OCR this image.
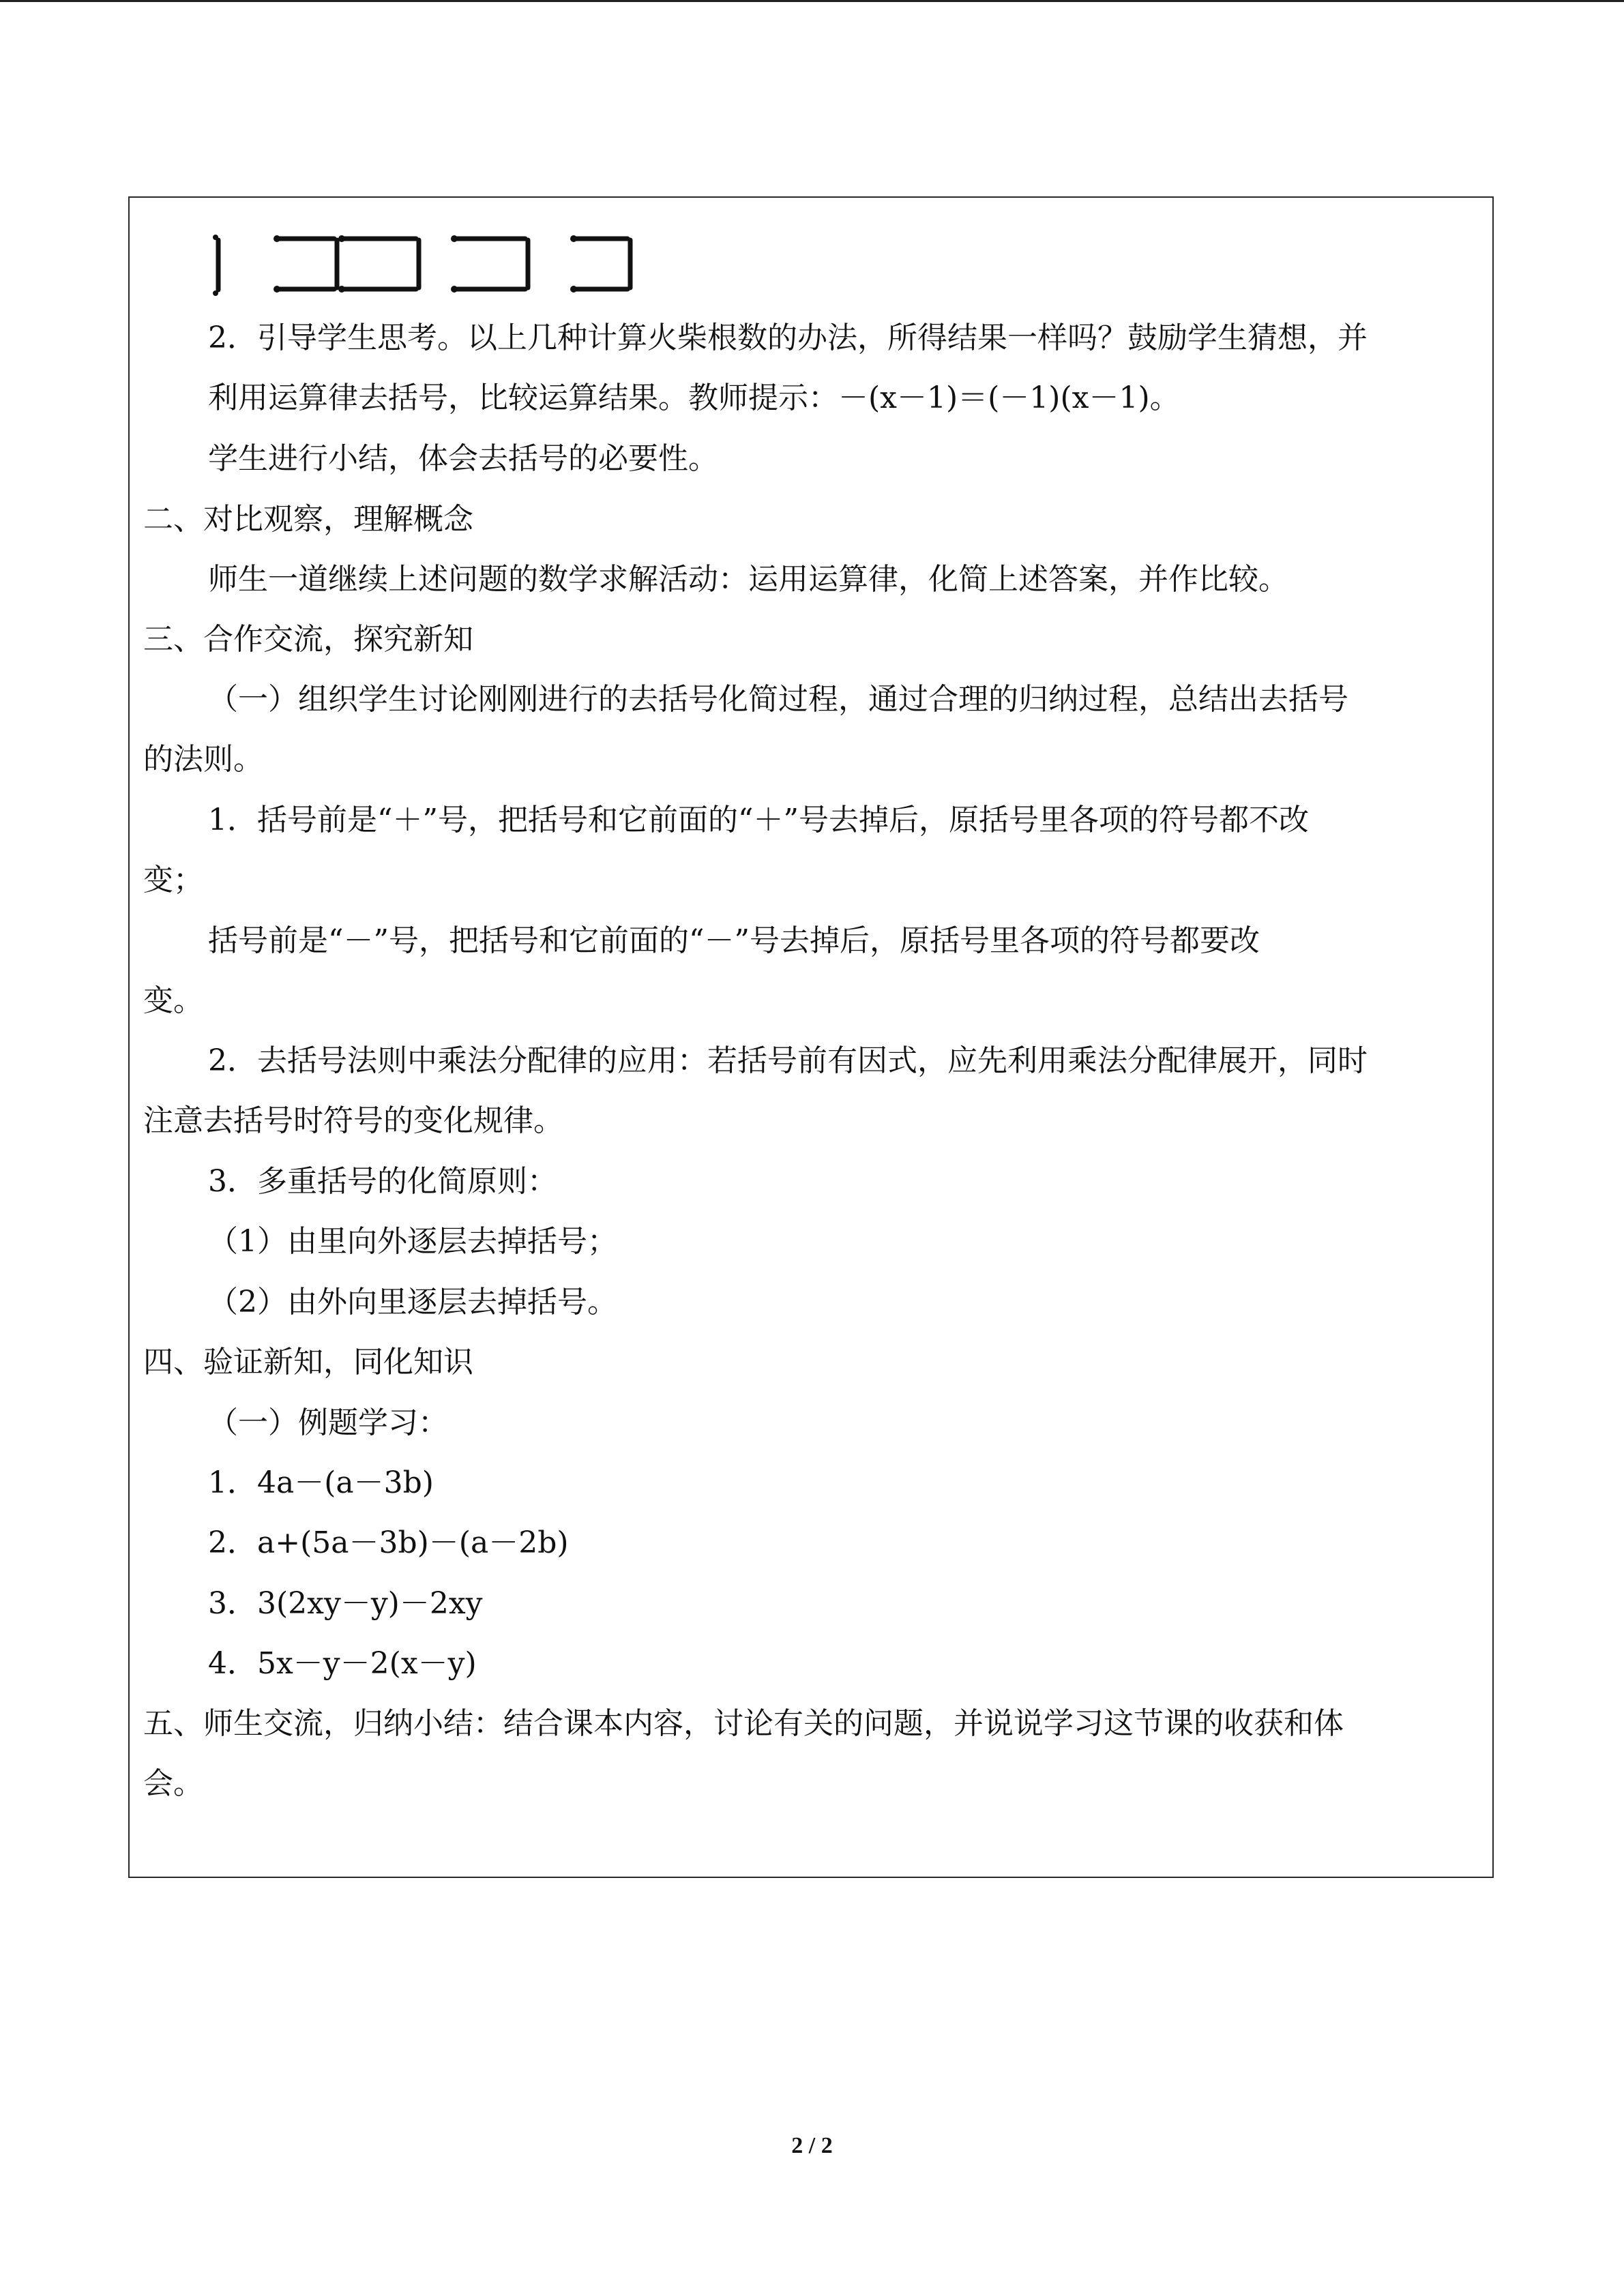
2．引导学生思考。以上几种计算火柴根数的办法，所得结果一样吗？鼓励学生猜想，并
利用运算律去括号，比较运算结果。教师提示：－(x－1)＝(－1)(x－1)。
学生进行小结，体会去括号的必要性。
二、对比观察，理解概念
师生一道继续上述问题的数学求解活动：运用运算律，化简上述答案，并作比较。
三、合作交流，探究新知
（一）组织学生讨论刚刚进行的去括号化简过程，通过合理的归纳过程，总结出去括号
的法则。
1．括号前是“＋”号，把括号和它前面的“＋”号去掉后，原括号里各项的符号都不改
变；
括号前是“－”号，把括号和它前面的“－”号去掉后，原括号里各项的符号都要改
变。
2．去括号法则中乘法分配律的应用：若括号前有因式，应先利用乘法分配律展开，同时
注意去括号时符号的变化规律。
3．多重括号的化简原则：
（1）由里向外逐层去掉括号；
（2）由外向里逐层去掉括号。
四、验证新知，同化知识
（一）例题学习：
1．4a－(a－3b)
2．a+(5a－3b)－(a－2b)
3．3(2xy－y)－2xy
4．5x－y－2(x－y)
五、师生交流，归纳小结：结合课本内容，讨论有关的问题，并说说学习这节课的收获和体
会。
2 / 2
